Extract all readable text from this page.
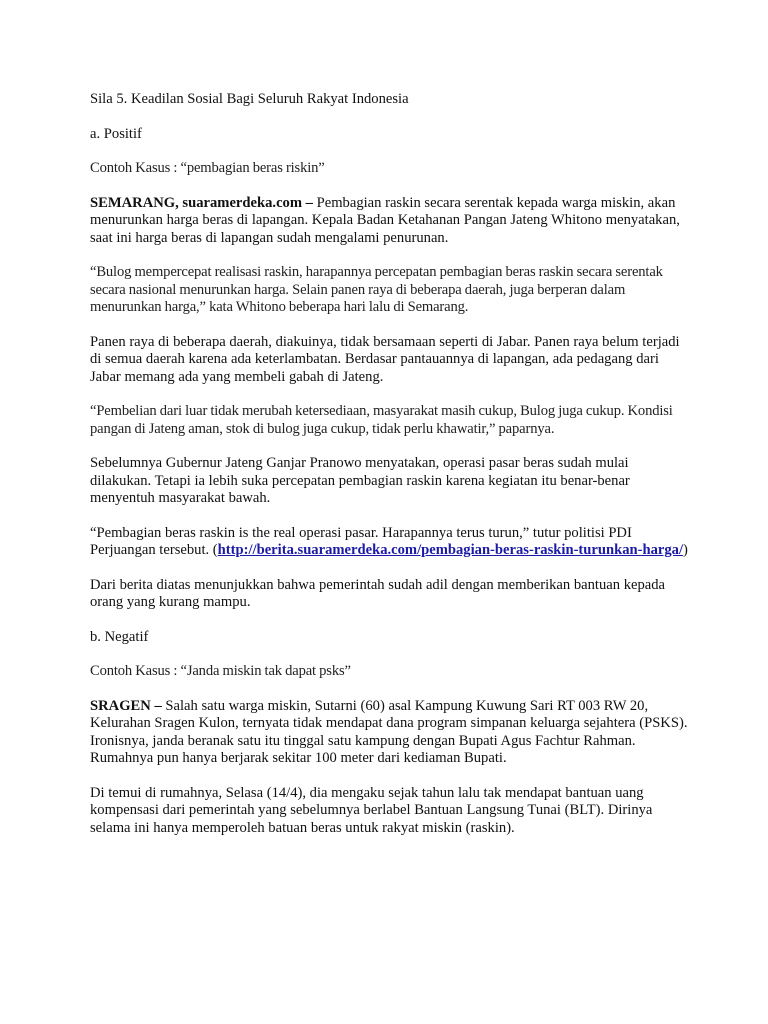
Sila 5. Keadilan Sosial Bagi Seluruh Rakyat Indonesia

a. Positif

Contoh Kasus : “pembagian beras riskin”

SEMARANG, suaramerdeka.com – Pembagian raskin secara serentak kepada warga miskin, akan menurunkan harga beras di lapangan. Kepala Badan Ketahanan Pangan Jateng Whitono menyatakan, saat ini harga beras di lapangan sudah mengalami penurunan.

“Bulog mempercepat realisasi raskin, harapannya percepatan pembagian beras raskin secara serentak secara nasional menurunkan harga. Selain panen raya di beberapa daerah, juga berperan dalam menurunkan harga,” kata Whitono beberapa hari lalu di Semarang.

Panen raya di beberapa daerah, diakuinya, tidak bersamaan seperti di Jabar. Panen raya belum terjadi di semua daerah karena ada keterlambatan. Berdasar pantauannya di lapangan, ada pedagang dari Jabar memang ada yang membeli gabah di Jateng.

“Pembelian dari luar tidak merubah ketersediaan, masyarakat masih cukup, Bulog juga cukup. Kondisi pangan di Jateng aman, stok di bulog juga cukup, tidak perlu khawatir,” paparnya.

Sebelumnya Gubernur Jateng Ganjar Pranowo menyatakan, operasi pasar beras sudah mulai dilakukan. Tetapi ia lebih suka percepatan pembagian raskin karena kegiatan itu benar-benar menyentuh masyarakat bawah.

“Pembagian beras raskin is the real operasi pasar. Harapannya terus turun,” tutur politisi PDI Perjuangan tersebut. (http://berita.suaramerdeka.com/pembagian-beras-raskin-turunkan-harga/)

Dari berita diatas menunjukkan bahwa pemerintah sudah adil dengan memberikan bantuan kepada orang yang kurang mampu.

b. Negatif

Contoh Kasus : “Janda miskin tak dapat psks”

SRAGEN – Salah satu warga miskin, Sutarni (60) asal Kampung Kuwung Sari RT 003 RW 20, Kelurahan Sragen Kulon, ternyata tidak mendapat dana program simpanan keluarga sejahtera (PSKS). Ironisnya, janda beranak satu itu tinggal satu kampung dengan Bupati Agus Fachtur Rahman. Rumahnya pun hanya berjarak sekitar 100 meter dari kediaman Bupati.

Di temui di rumahnya, Selasa (14/4), dia mengaku sejak tahun lalu tak mendapat bantuan uang kompensasi dari pemerintah yang sebelumnya berlabel Bantuan Langsung Tunai (BLT). Dirinya selama ini hanya memperoleh batuan beras untuk rakyat miskin (raskin).
